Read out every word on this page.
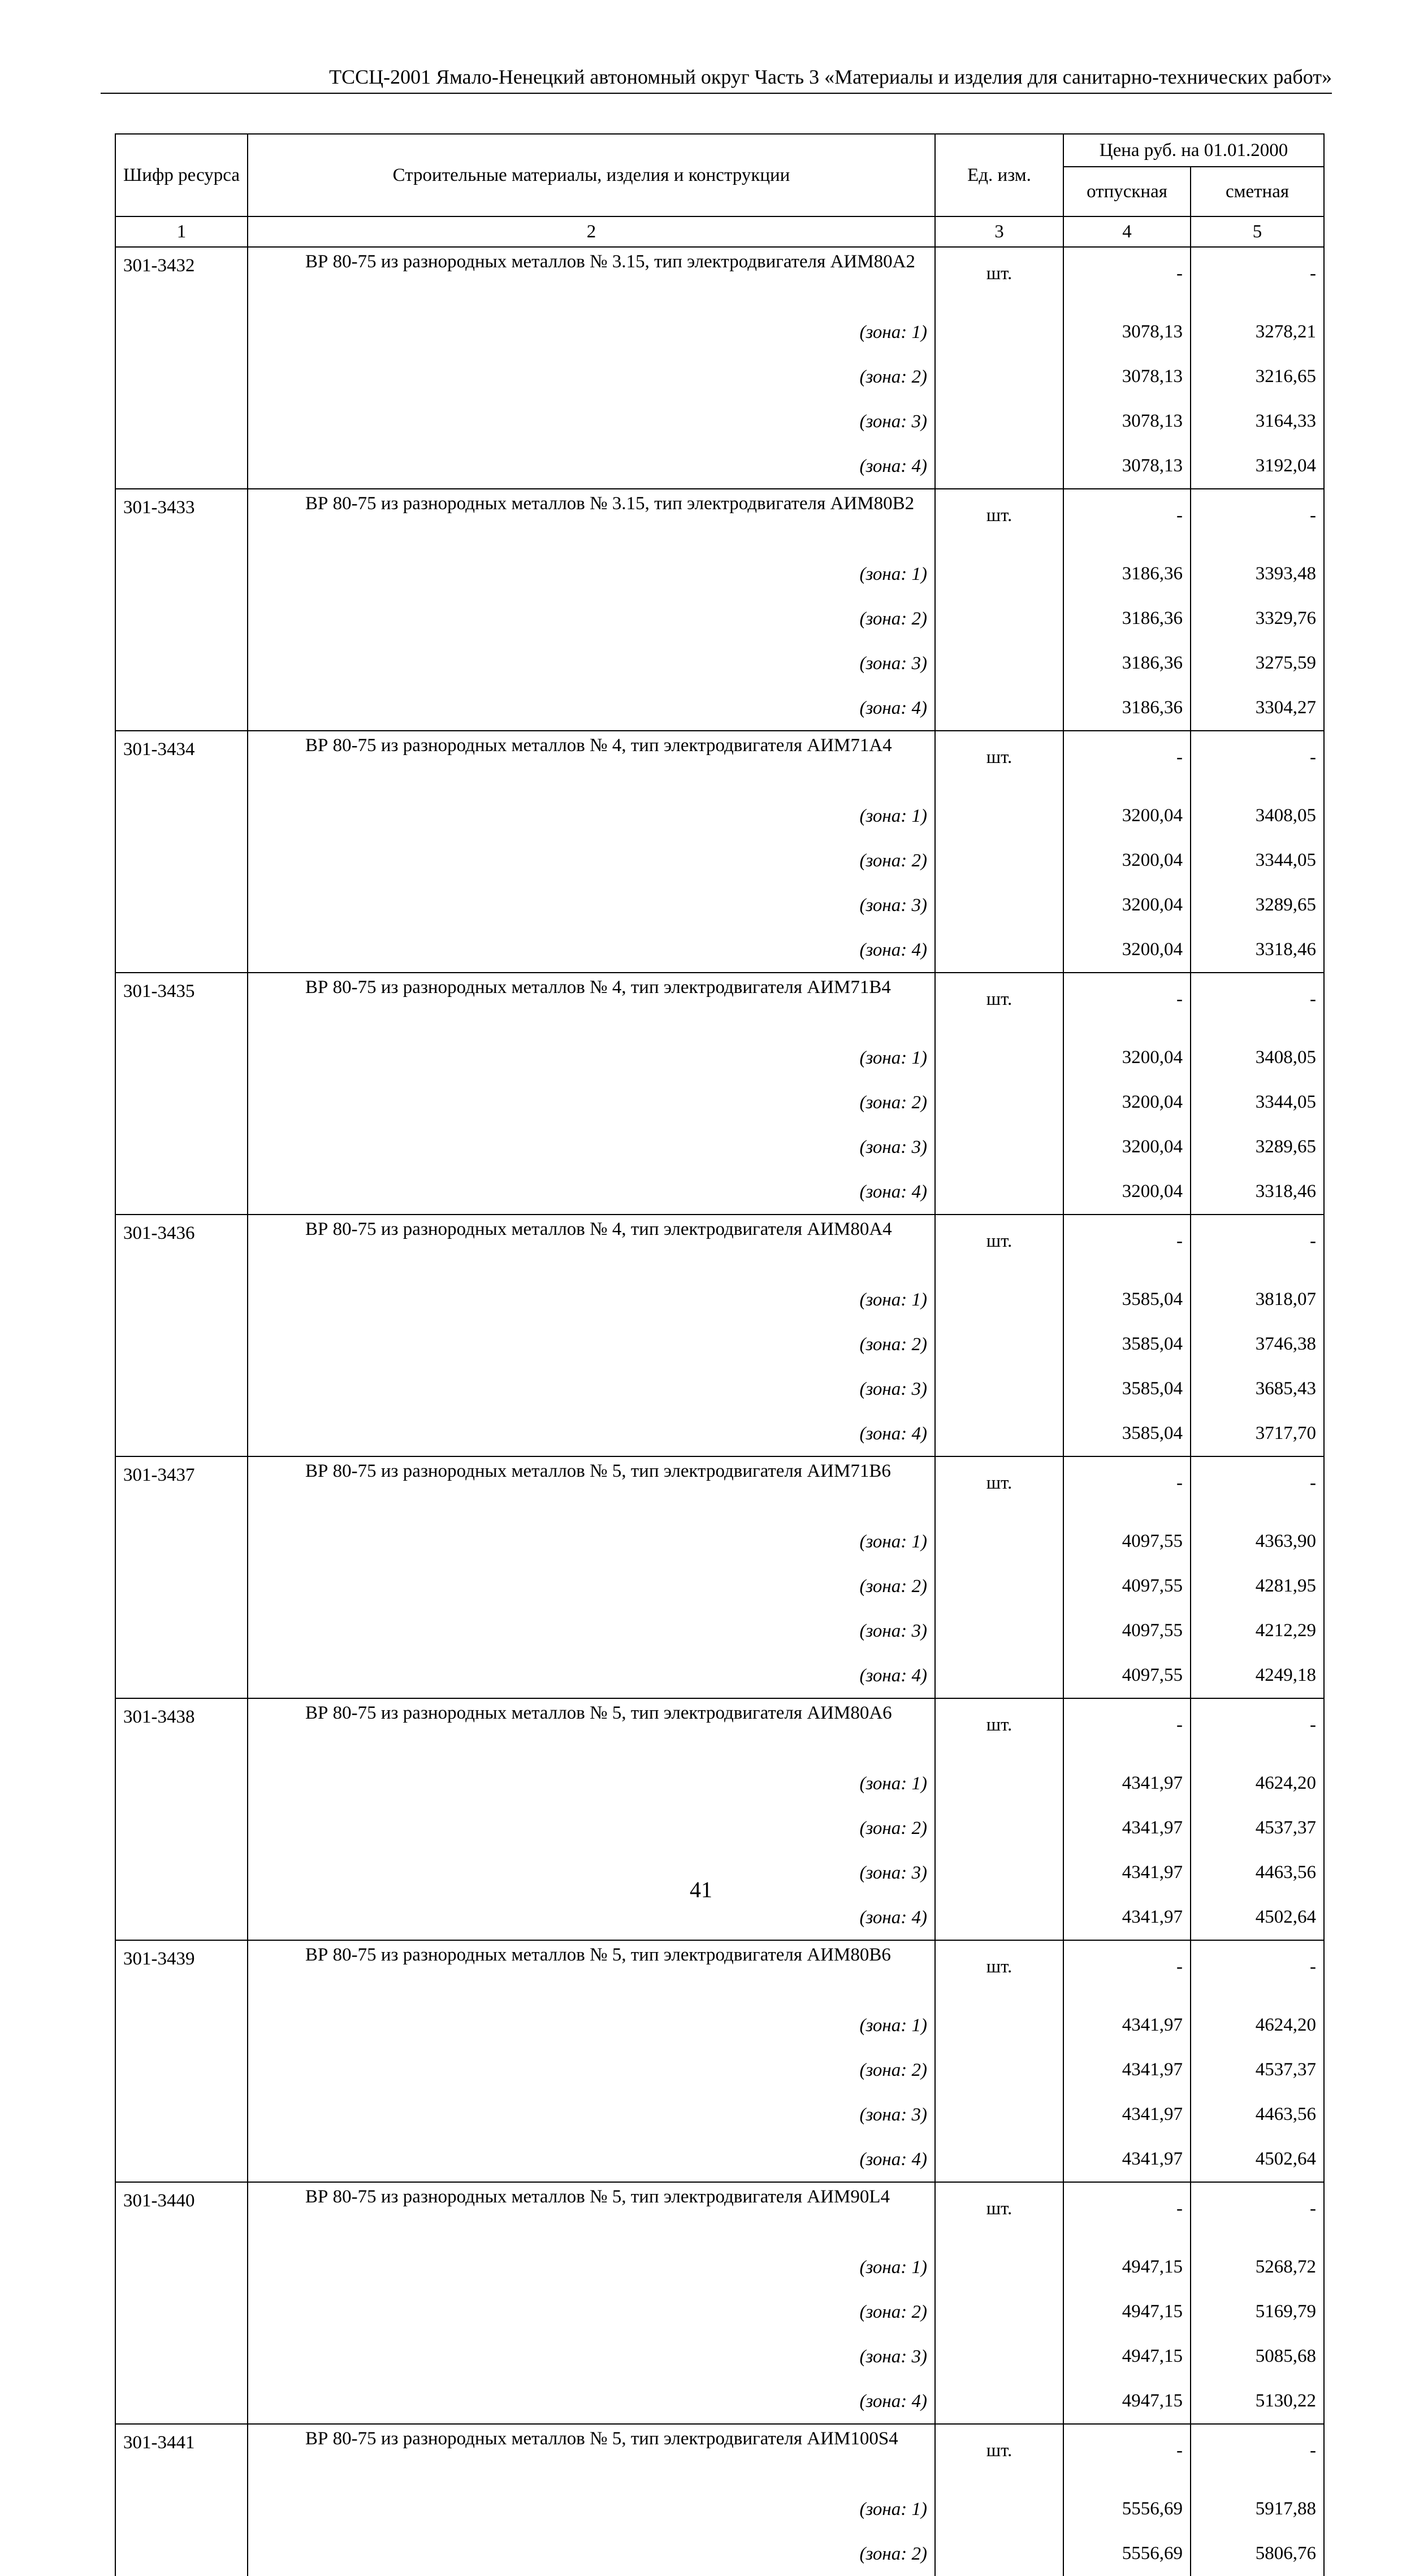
ТССЦ-2001 Ямало-Ненецкий автономный округ Часть 3 «Материалы и изделия для санитарно-технических работ»
Шифр ресурса	Строительные материалы, изделия и конструкции	Ед. изм.	Цена руб. на 01.01.2000	
			отпускная	сметная
1	2	3	4	5
301-3432	ВР 80-75 из разнородных металлов № 3.15, тип электродвигателя АИМ80А2	шт.	-	-
	(зона: 1)		3078,13	3278,21
	(зона: 2)		3078,13	3216,65
	(зона: 3)		3078,13	3164,33
	(зона: 4)		3078,13	3192,04
301-3433	ВР 80-75 из разнородных металлов № 3.15, тип электродвигателя АИМ80В2	шт.	-	-
	(зона: 1)		3186,36	3393,48
	(зона: 2)		3186,36	3329,76
	(зона: 3)		3186,36	3275,59
	(зона: 4)		3186,36	3304,27
301-3434	ВР 80-75 из разнородных металлов № 4, тип электродвигателя АИМ71А4	шт.	-	-
	(зона: 1)		3200,04	3408,05
	(зона: 2)		3200,04	3344,05
	(зона: 3)		3200,04	3289,65
	(зона: 4)		3200,04	3318,46
301-3435	ВР 80-75 из разнородных металлов № 4, тип электродвигателя АИМ71В4	шт.	-	-
	(зона: 1)		3200,04	3408,05
	(зона: 2)		3200,04	3344,05
	(зона: 3)		3200,04	3289,65
	(зона: 4)		3200,04	3318,46
301-3436	ВР 80-75 из разнородных металлов № 4, тип электродвигателя АИМ80А4	шт.	-	-
	(зона: 1)		3585,04	3818,07
	(зона: 2)		3585,04	3746,38
	(зона: 3)		3585,04	3685,43
	(зона: 4)		3585,04	3717,70
301-3437	ВР 80-75 из разнородных металлов № 5, тип электродвигателя АИМ71В6	шт.	-	-
	(зона: 1)		4097,55	4363,90
	(зона: 2)		4097,55	4281,95
	(зона: 3)		4097,55	4212,29
	(зона: 4)		4097,55	4249,18
301-3438	ВР 80-75 из разнородных металлов № 5, тип электродвигателя АИМ80А6	шт.	-	-
	(зона: 1)		4341,97	4624,20
	(зона: 2)		4341,97	4537,37
	(зона: 3)		4341,97	4463,56
	(зона: 4)		4341,97	4502,64
301-3439	ВР 80-75 из разнородных металлов № 5, тип электродвигателя АИМ80В6	шт.	-	-
	(зона: 1)		4341,97	4624,20
	(зона: 2)		4341,97	4537,37
	(зона: 3)		4341,97	4463,56
	(зона: 4)		4341,97	4502,64
301-3440	ВР 80-75 из разнородных металлов № 5, тип электродвигателя АИМ90L4	шт.	-	-
	(зона: 1)		4947,15	5268,72
	(зона: 2)		4947,15	5169,79
	(зона: 3)		4947,15	5085,68
	(зона: 4)		4947,15	5130,22
301-3441	ВР 80-75 из разнородных металлов № 5, тип электродвигателя АИМ100S4	шт.	-	-
	(зона: 1)		5556,69	5917,88
	(зона: 2)		5556,69	5806,76
41
